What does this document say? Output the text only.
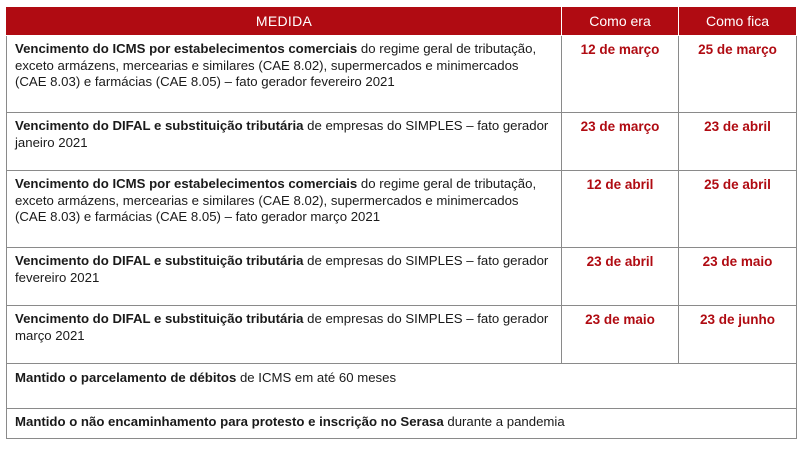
MEDIDA	Como era	Como fica
Vencimento do ICMS por estabelecimentos comerciais do regime geral de tributação, exceto armázens, mercearias e similares (CAE 8.02), supermercados e minimercados (CAE 8.03) e farmácias (CAE 8.05) – fato gerador fevereiro 2021	12 de março	25 de março
Vencimento do DIFAL e substituição tributária de empresas do SIMPLES – fato gerador janeiro 2021	23 de março	23 de abril
Vencimento do ICMS por estabelecimentos comerciais do regime geral de tributação, exceto armázens, mercearias e similares (CAE 8.02), supermercados e minimercados (CAE 8.03) e farmácias (CAE 8.05) – fato gerador março 2021	12 de abril	25 de abril
Vencimento do DIFAL e substituição tributária de empresas do SIMPLES – fato gerador fevereiro 2021	23 de abril	23 de maio
Vencimento do DIFAL e substituição tributária de empresas do SIMPLES – fato gerador março 2021	23 de maio	23 de junho
Mantido o parcelamento de débitos de ICMS em até 60 meses		
Mantido o não encaminhamento para protesto e inscrição no Serasa durante a pandemia		
